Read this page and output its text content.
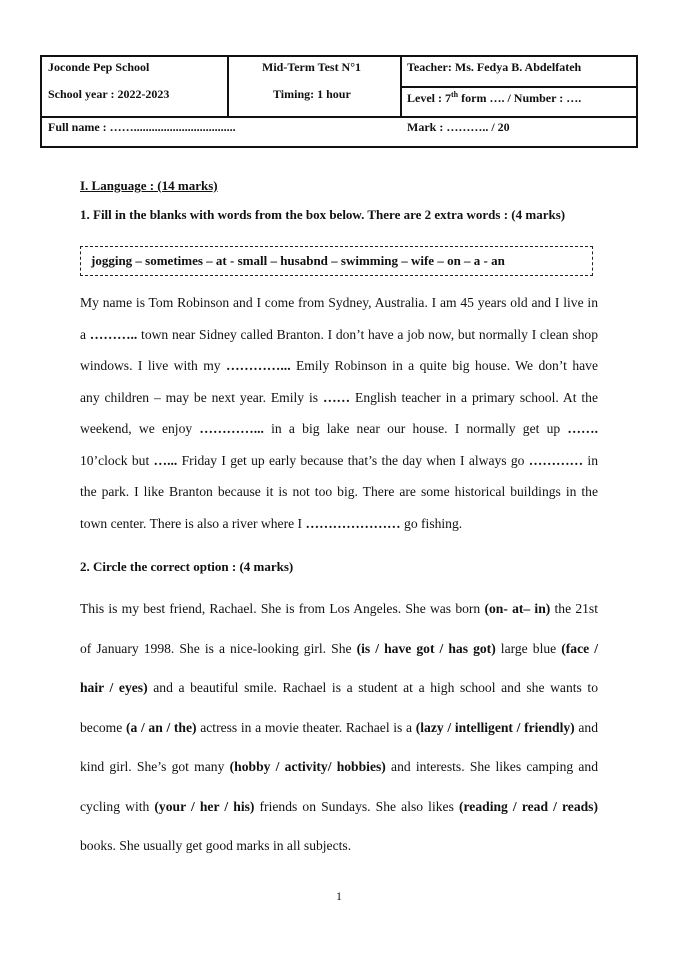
Joconde Pep School
School year : 2022-2023
Mid-Term Test N°1
Timing: 1 hour
Teacher: Ms. Fedya B. Abdelfateh
Level : 7th form …. / Number : ….
Full name : ……..................................	Mark : ……….. / 20
I. Language : (14 marks)
1. Fill in the blanks with words from the box below. There are 2 extra words : (4 marks)
jogging – sometimes – at - small – husabnd – swimming – wife – on – a - an
My name is Tom Robinson and I come from Sydney, Australia. I am 45 years old and I live in
a ……….. town near Sidney called Branton. I don’t have a job now, but normally I clean shop
windows. I live with my …………... Emily Robinson in a quite big house. We don’t have
any children – may be next year. Emily is …… English teacher in a primary school. At the
weekend, we enjoy …………... in a big lake near our house. I normally get up …….
10’clock but …... Friday I get up early because that’s the day when I always go ………… in
the park. I like Branton because it is not too big. There are some historical buildings in the
town center. There is also a river where I ………………… go fishing.
2. Circle the correct option : (4 marks)
This is my best friend, Rachael. She is from Los Angeles. She was born (on- at– in) the 21st
of January 1998. She is a nice-looking girl. She (is / have got / has got) large blue (face /
hair / eyes) and a beautiful smile. Rachael is a student at a high school and she wants to
become (a / an / the) actress in a movie theater. Rachael is a (lazy / intelligent / friendly) and
kind girl. She’s got many (hobby / activity/ hobbies) and interests. She likes camping and
cycling with (your / her / his) friends on Sundays. She also likes (reading / read / reads)
books. She usually get good marks in all subjects.
1
